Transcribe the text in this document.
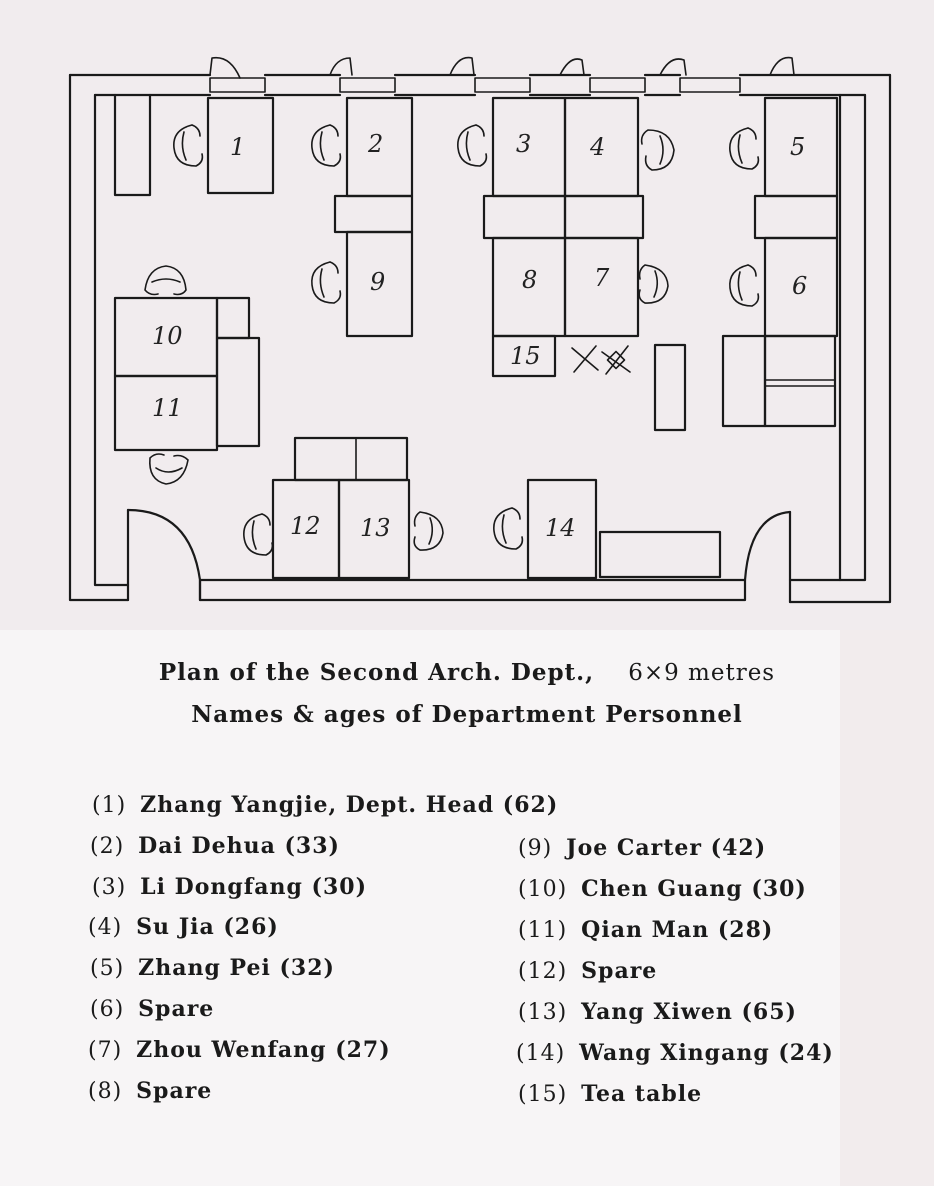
1	2	3 4	5
6
7
8
9
10
11
12 13	14
15
Plan of the Second Arch. Dept., 6×9 metres
Names & ages of Department Personnel
(1) Zhang Yangjie, Dept. Head (62)
(2) Dai Dehua (33)
(3) Li Dongfang (30)
(4) Su Jia (26)
(5) Zhang Pei (32)
(6) Spare
(7) Zhou Wenfang (27)
(8) Spare
(9) Joe Carter (42)
(10) Chen Guang (30)
(11) Qian Man (28)
(12) Spare
(13) Yang Xiwen (65)
(14) Wang Xingang (24)
(15) Tea table
